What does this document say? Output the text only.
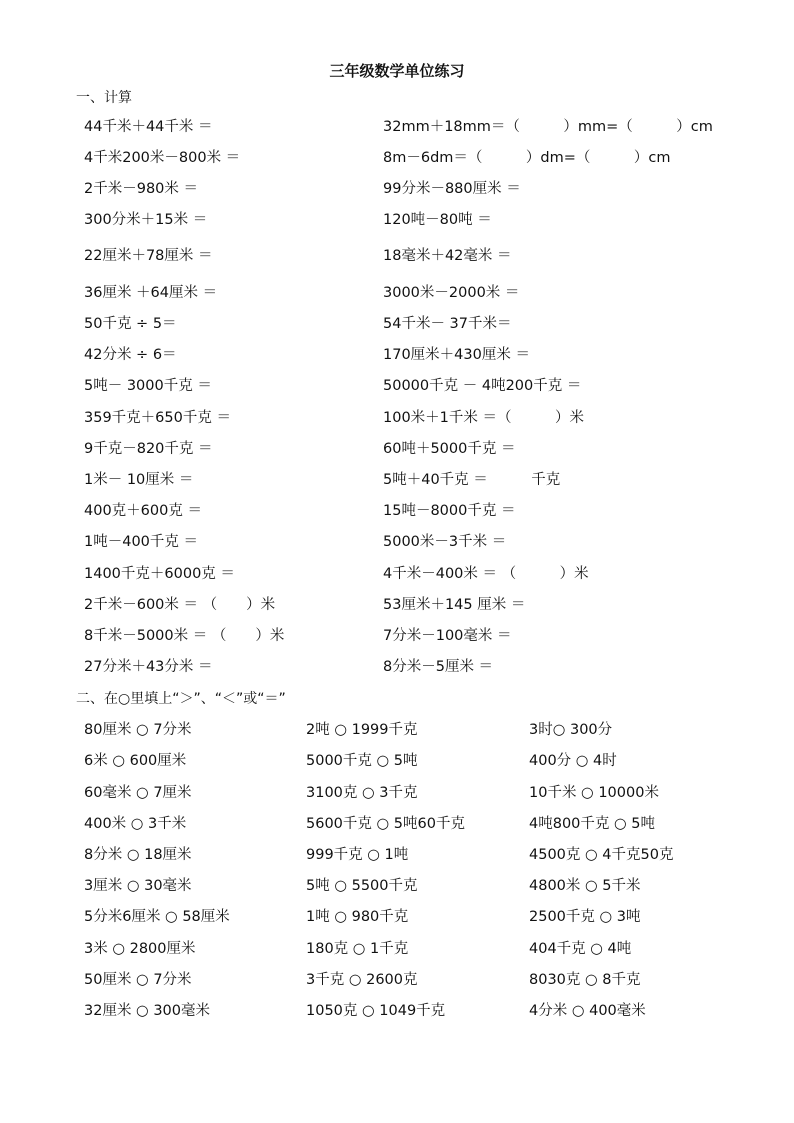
三年级数学单位练习
一、计算
44千米＋44千米 ＝	32mm＋18mm＝（　　　）mm=（　　　）cm
4千米200米－800米 ＝	8m－6dm＝（　　　）dm=（　　　）cm
2千米－980米 ＝	99分米－880厘米 ＝
300分米＋15米 ＝	120吨－80吨 ＝
22厘米＋78厘米 ＝	18毫米＋42毫米 ＝
36厘米 ＋64厘米 ＝	3000米－2000米 ＝
50千克 ÷ 5＝	54千米－ 37千米＝
42分米 ÷ 6＝	170厘米＋430厘米 ＝
5吨－ 3000千克 ＝	50000千克 － 4吨200千克 ＝
359千克＋650千克 ＝	100米＋1千米 ＝（　　　）米
9千克－820千克 ＝	60吨＋5000千克 ＝
1米－ 10厘米 ＝	5吨＋40千克 ＝　　　千克
400克＋600克 ＝	15吨－8000千克 ＝
1吨－400千克 ＝	5000米－3千米 ＝
1400千克＋6000克 ＝	4千米－400米 ＝ （　　　）米
2千米－600米 ＝ （　　）米	53厘米＋145 厘米 ＝
8千米－5000米 ＝ （　　）米	7分米－100毫米 ＝
27分米＋43分米 ＝	8分米－5厘米 ＝
二、在○里填上“＞”、“＜”或“＝”
80厘米 ○ 7分米	2吨 ○ 1999千克	3时○ 300分
6米 ○ 600厘米	5000千克 ○ 5吨	400分 ○ 4时
60毫米 ○ 7厘米	3100克 ○ 3千克	10千米 ○ 10000米
400米 ○ 3千米	5600千克 ○ 5吨60千克	4吨800千克 ○ 5吨
8分米 ○ 18厘米	999千克 ○ 1吨	4500克 ○ 4千克50克
3厘米 ○ 30毫米	5吨 ○ 5500千克	4800米 ○ 5千米
5分米6厘米 ○ 58厘米	1吨 ○ 980千克	2500千克 ○ 3吨
3米 ○ 2800厘米	180克 ○ 1千克	404千克 ○ 4吨
50厘米 ○ 7分米	3千克 ○ 2600克	8030克 ○ 8千克
32厘米 ○ 300毫米	1050克 ○ 1049千克	4分米 ○ 400毫米
